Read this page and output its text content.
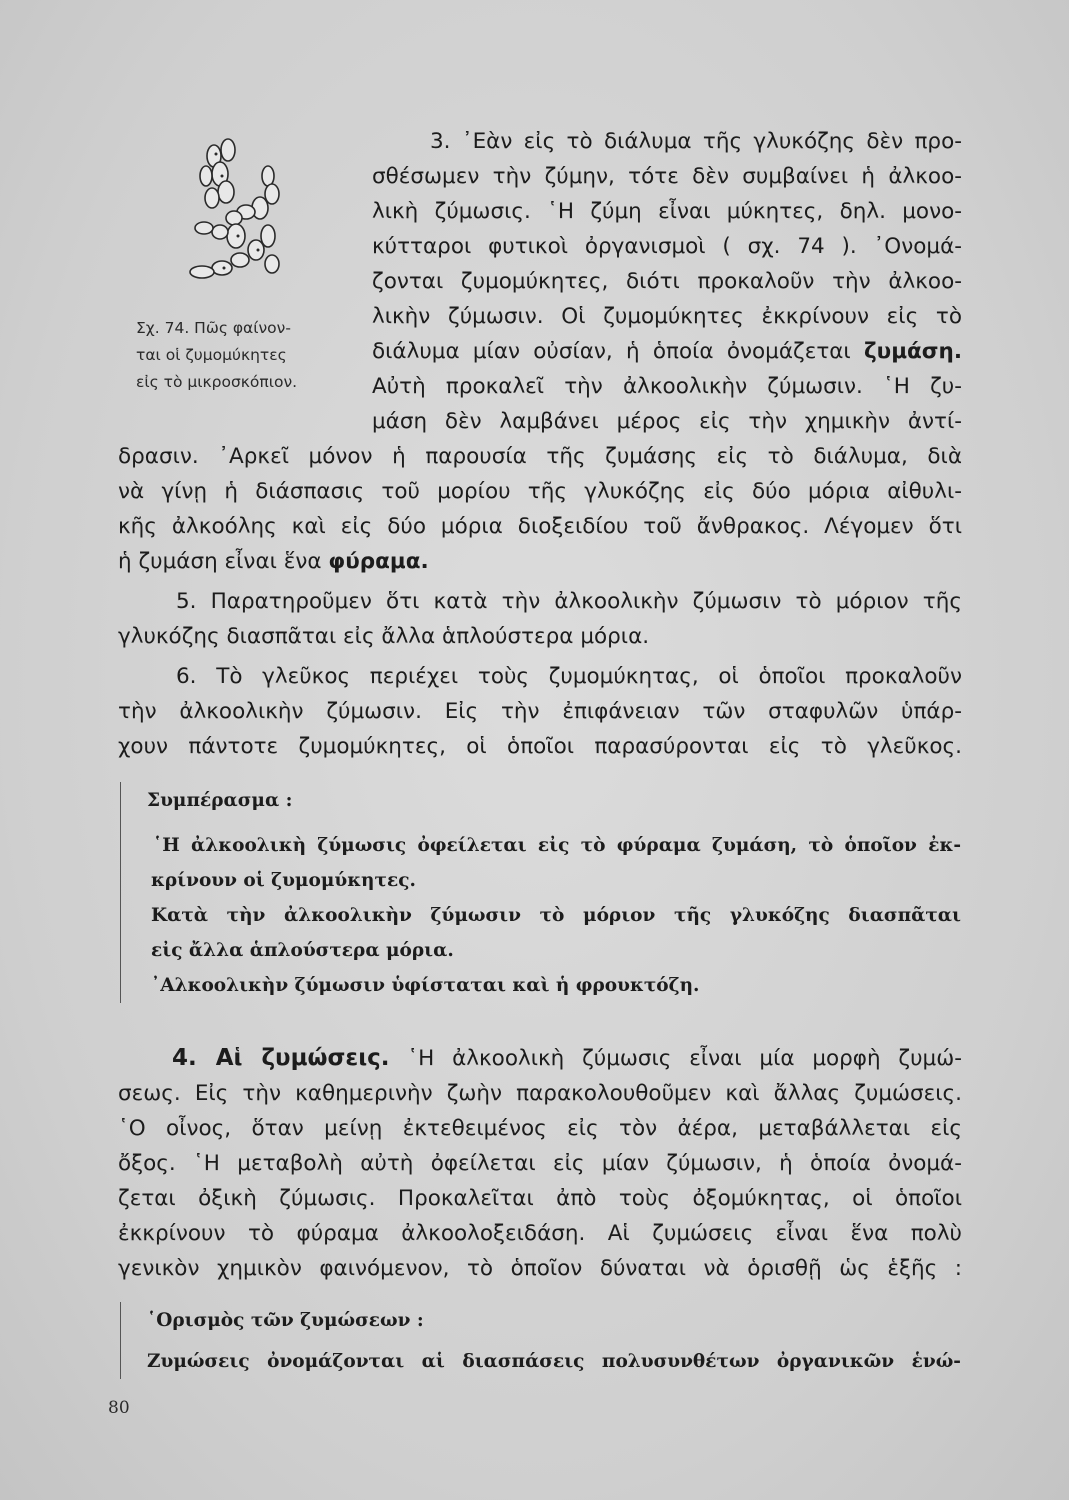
Σχ. 74. Πῶς φαίνον-
ται οἱ ζυμομύκητες
εἰς τὸ μικροσκόπιον.
3. ᾿Εὰν εἰς τὸ διάλυμα τῆς γλυκόζης δὲν προ-
σθέσωμεν τὴν ζύμην, τότε δὲν συμβαίνει ἡ ἀλκοο-
λικὴ ζύμωσις. ῾Η ζύμη εἶναι μύκητες, δηλ. μονο-
κύτταροι φυτικοὶ ὀργανισμοὶ ( σχ. 74 ). ᾿Ονομά-
ζονται ζυμομύκητες, διότι προκαλοῦν τὴν ἀλκοο-
λικὴν ζύμωσιν. Οἱ ζυμομύκητες ἐκκρίνουν εἰς τὸ
διάλυμα μίαν οὐσίαν, ἡ ὁποία ὀνομάζεται ζυμάση.
Αὐτὴ προκαλεῖ τὴν ἀλκοολικὴν ζύμωσιν. ῾Η ζυ-
μάση δὲν λαμβάνει μέρος εἰς τὴν χημικὴν ἀντί-
δρασιν. ᾿Αρκεῖ μόνον ἡ παρουσία τῆς ζυμάσης εἰς τὸ διάλυμα, διὰ
νὰ γίνῃ ἡ διάσπασις τοῦ μορίου τῆς γλυκόζης εἰς δύο μόρια αἰθυλι-
κῆς ἀλκοόλης καὶ εἰς δύο μόρια διοξειδίου τοῦ ἄνθρακος. Λέγομεν ὅτι
ἡ ζυμάση εἶναι ἕνα φύραμα.
5. Παρατηροῦμεν ὅτι κατὰ τὴν ἀλκοολικὴν ζύμωσιν τὸ μόριον τῆς
γλυκόζης διασπᾶται εἰς ἄλλα ἁπλούστερα μόρια.
6. Τὸ γλεῦκος περιέχει τοὺς ζυμομύκητας, οἱ ὁποῖοι προκαλοῦν
τὴν ἀλκοολικὴν ζύμωσιν. Εἰς τὴν ἐπιφάνειαν τῶν σταφυλῶν ὑπάρ-
χουν πάντοτε ζυμομύκητες, οἱ ὁποῖοι παρασύρονται εἰς τὸ γλεῦκος.
Συμπέρασμα :
῾Η ἀλκοολικὴ ζύμωσις ὀφείλεται εἰς τὸ φύραμα ζυμάση, τὸ ὁποῖον ἐκ-
κρίνουν οἱ ζυμομύκητες.
Κατὰ τὴν ἀλκοολικὴν ζύμωσιν τὸ μόριον τῆς γλυκόζης διασπᾶται
εἰς ἄλλα ἁπλούστερα μόρια.
᾿Αλκοολικὴν ζύμωσιν ὑφίσταται καὶ ἡ φρουκτόζη.
4. Αἱ ζυμώσεις. ῾Η ἀλκοολικὴ ζύμωσις εἶναι μία μορφὴ ζυμώ-
σεως. Εἰς τὴν καθημερινὴν ζωὴν παρακολουθοῦμεν καὶ ἄλλας ζυμώσεις.
῾Ο οἶνος, ὅταν μείνῃ ἐκτεθειμένος εἰς τὸν ἀέρα, μεταβάλλεται εἰς
ὄξος. ῾Η μεταβολὴ αὐτὴ ὀφείλεται εἰς μίαν ζύμωσιν, ἡ ὁποία ὀνομά-
ζεται ὀξικὴ ζύμωσις. Προκαλεῖται ἀπὸ τοὺς ὀξομύκητας, οἱ ὁποῖοι
ἐκκρίνουν τὸ φύραμα ἀλκοολοξειδάση. Αἱ ζυμώσεις εἶναι ἕνα πολὺ
γενικὸν χημικὸν φαινόμενον, τὸ ὁποῖον δύναται νὰ ὁρισθῇ ὡς ἑξῆς :
῾Ορισμὸς τῶν ζυμώσεων :
Ζυμώσεις ὀνομάζονται αἱ διασπάσεις πολυσυνθέτων ὀργανικῶν ἑνώ-
80
